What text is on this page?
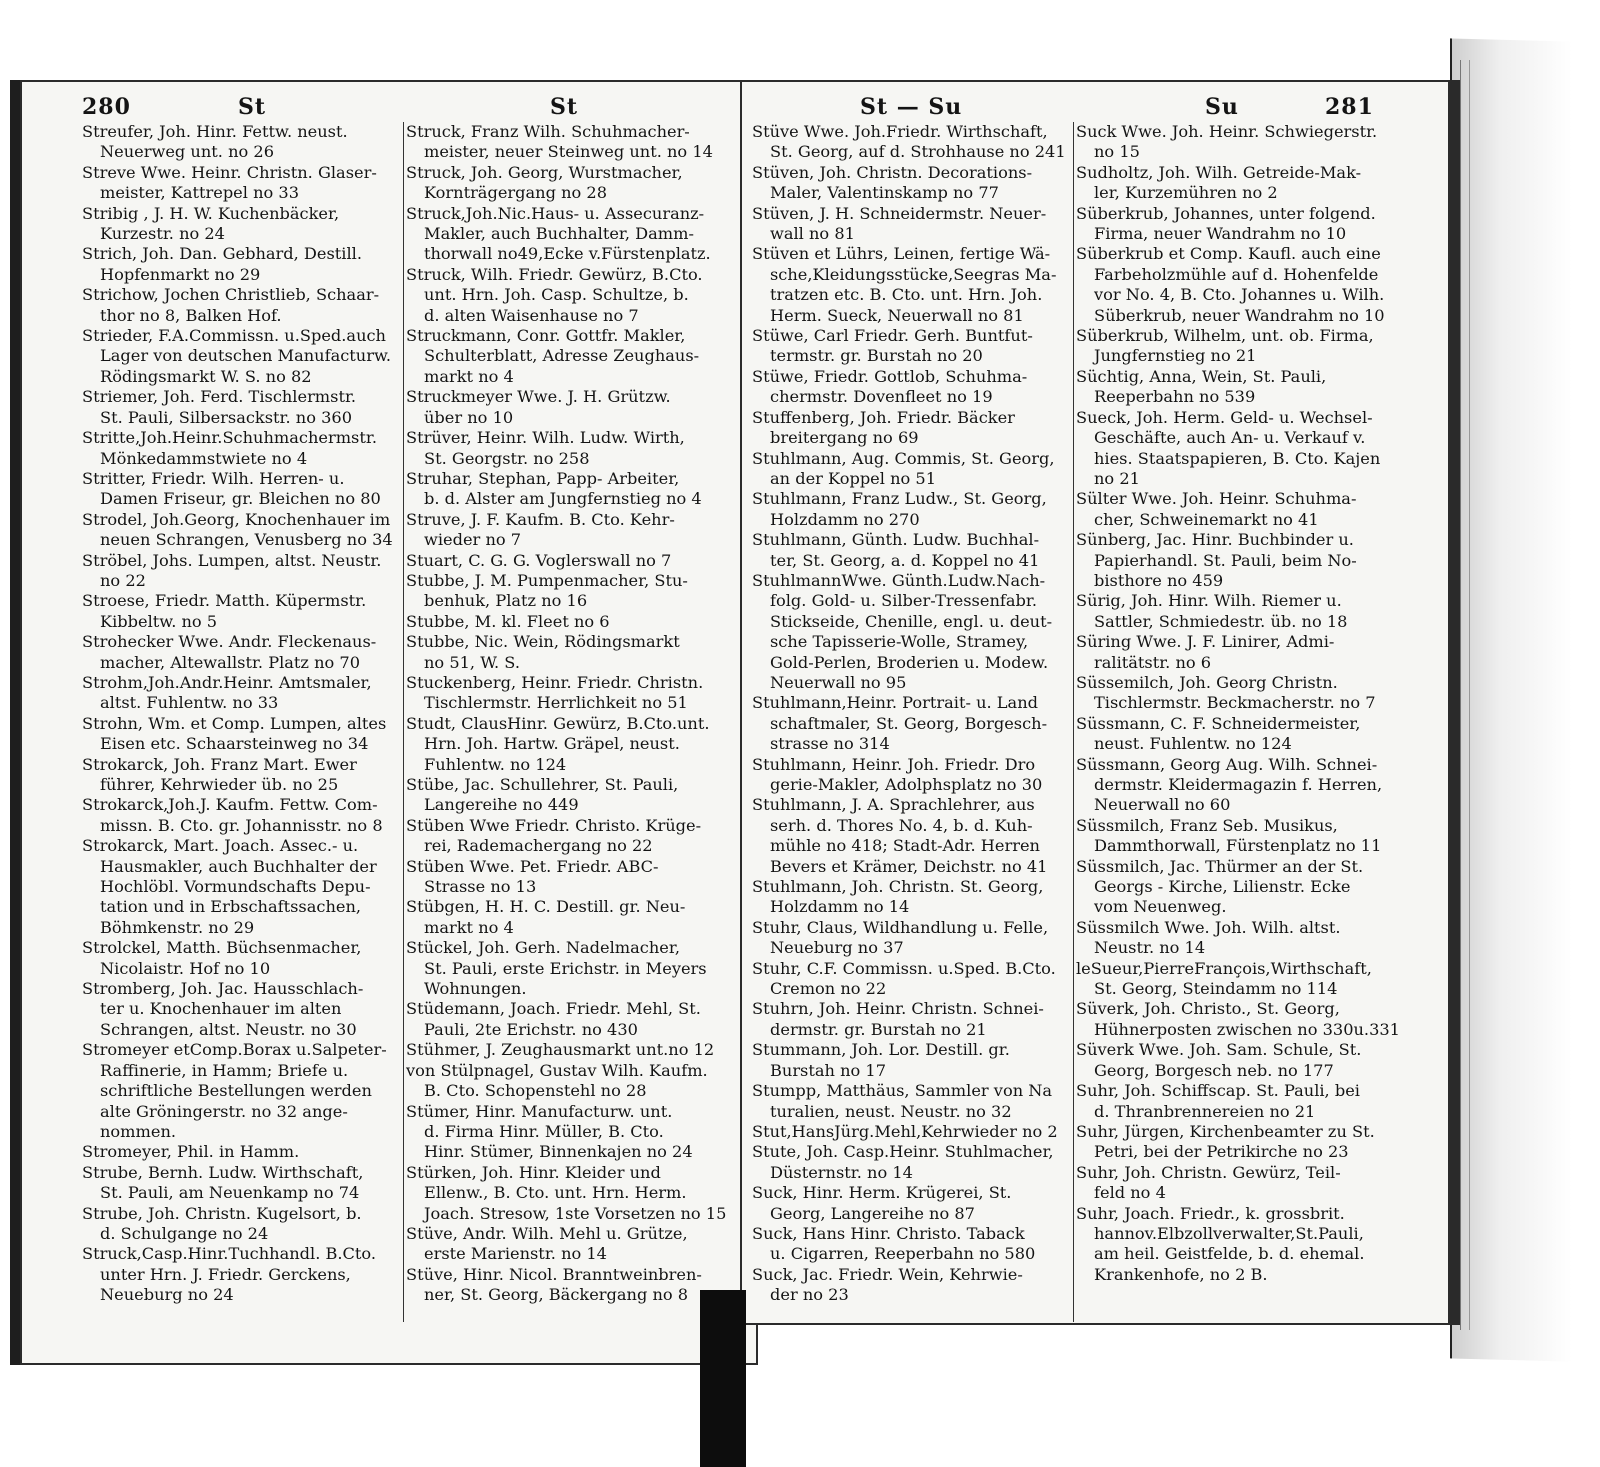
280	St	St
Streufer, Joh. Hinr. Fettw. neust.
Neuerweg unt. no 26
Streve Wwe. Heinr. Christn. Glaser-
meister, Kattrepel no 33
Stribig , J. H. W. Kuchenbäcker,
Kurzestr. no 24
Strich, Joh. Dan. Gebhard, Destill.
Hopfenmarkt no 29
Strichow, Jochen Christlieb, Schaar-
thor no 8, Balken Hof.
Strieder, F.A.Commissn. u.Sped.auch
Lager von deutschen Manufacturw.
Rödingsmarkt W. S. no 82
Striemer, Joh. Ferd. Tischlermstr.
St. Pauli, Silbersackstr. no 360
Stritte,Joh.Heinr.Schuhmachermstr.
Mönkedammstwiete no 4
Stritter, Friedr. Wilh. Herren- u.
Damen Friseur, gr. Bleichen no 80
Strodel, Joh.Georg, Knochenhauer im
neuen Schrangen, Venusberg no 34
Ströbel, Johs. Lumpen, altst. Neustr.
no 22
Stroese, Friedr. Matth. Küpermstr.
Kibbeltw. no 5
Strohecker Wwe. Andr. Fleckenaus-
macher, Altewallstr. Platz no 70
Strohm,Joh.Andr.Heinr. Amtsmaler,
altst. Fuhlentw. no 33
Strohn, Wm. et Comp. Lumpen, altes
Eisen etc. Schaarsteinweg no 34
Strokarck, Joh. Franz Mart. Ewer
führer, Kehrwieder üb. no 25
Strokarck,Joh.J. Kaufm. Fettw. Com-
missn. B. Cto. gr. Johannisstr. no 8
Strokarck, Mart. Joach. Assec.- u.
Hausmakler, auch Buchhalter der
Hochlöbl. Vormundschafts Depu-
tation und in Erbschaftssachen,
Böhmkenstr. no 29
Strolckel, Matth. Büchsenmacher,
Nicolaistr. Hof no 10
Stromberg, Joh. Jac. Hausschlach-
ter u. Knochenhauer im alten
Schrangen, altst. Neustr. no 30
Stromeyer etComp.Borax u.Salpeter-
Raffinerie, in Hamm; Briefe u.
schriftliche Bestellungen werden
alte Gröningerstr. no 32 ange-
nommen.
Stromeyer, Phil. in Hamm.
Strube, Bernh. Ludw. Wirthschaft,
St. Pauli, am Neuenkamp no 74
Strube, Joh. Christn. Kugelsort, b.
d. Schulgange no 24
Struck,Casp.Hinr.Tuchhandl. B.Cto.
unter Hrn. J. Friedr. Gerckens,
Neueburg no 24
Struck, Franz Wilh. Schuhmacher-
meister, neuer Steinweg unt. no 14
Struck, Joh. Georg, Wurstmacher,
Kornträgergang no 28
Struck,Joh.Nic.Haus- u. Assecuranz-
Makler, auch Buchhalter, Damm-
thorwall no49,Ecke v.Fürstenplatz.
Struck, Wilh. Friedr. Gewürz, B.Cto.
unt. Hrn. Joh. Casp. Schultze, b.
d. alten Waisenhause no 7
Struckmann, Conr. Gottfr. Makler,
Schulterblatt, Adresse Zeughaus-
markt no 4
Struckmeyer Wwe. J. H. Grützw.
über no 10
Strüver, Heinr. Wilh. Ludw. Wirth,
St. Georgstr. no 258
Struhar, Stephan, Papp- Arbeiter,
b. d. Alster am Jungfernstieg no 4
Struve, J. F. Kaufm. B. Cto. Kehr-
wieder no 7
Stuart, C. G. G. Voglerswall no 7
Stubbe, J. M. Pumpenmacher, Stu-
benhuk, Platz no 16
Stubbe, M. kl. Fleet no 6
Stubbe, Nic. Wein, Rödingsmarkt
no 51, W. S.
Stuckenberg, Heinr. Friedr. Christn.
Tischlermstr. Herrlichkeit no 51
Studt, ClausHinr. Gewürz, B.Cto.unt.
Hrn. Joh. Hartw. Gräpel, neust.
Fuhlentw. no 124
Stübe, Jac. Schullehrer, St. Pauli,
Langereihe no 449
Stüben Wwe Friedr. Christo. Krüge-
rei, Rademachergang no 22
Stüben Wwe. Pet. Friedr. ABC-
Strasse no 13
Stübgen, H. H. C. Destill. gr. Neu-
markt no 4
Stückel, Joh. Gerh. Nadelmacher,
St. Pauli, erste Erichstr. in Meyers
Wohnungen.
Stüdemann, Joach. Friedr. Mehl, St.
Pauli, 2te Erichstr. no 430
Stühmer, J. Zeughausmarkt unt.no 12
von Stülpnagel, Gustav Wilh. Kaufm.
B. Cto. Schopenstehl no 28
Stümer, Hinr. Manufacturw. unt.
d. Firma Hinr. Müller, B. Cto.
Hinr. Stümer, Binnenkajen no 24
Stürken, Joh. Hinr. Kleider und
Ellenw., B. Cto. unt. Hrn. Herm.
Joach. Stresow, 1ste Vorsetzen no 15
Stüve, Andr. Wilh. Mehl u. Grütze,
erste Marienstr. no 14
Stüve, Hinr. Nicol. Branntweinbren-
ner, St. Georg, Bäckergang no 8
St — Su	Su	281
Stüve Wwe. Joh.Friedr. Wirthschaft,
St. Georg, auf d. Strohhause no 241
Stüven, Joh. Christn. Decorations-
Maler, Valentinskamp no 77
Stüven, J. H. Schneidermstr. Neuer-
wall no 81
Stüven et Lührs, Leinen, fertige Wä-
sche,Kleidungsstücke,Seegras Ma-
tratzen etc. B. Cto. unt. Hrn. Joh.
Herm. Sueck, Neuerwall no 81
Stüwe, Carl Friedr. Gerh. Buntfut-
termstr. gr. Burstah no 20
Stüwe, Friedr. Gottlob, Schuhma-
chermstr. Dovenfleet no 19
Stuffenberg, Joh. Friedr. Bäcker
breitergang no 69
Stuhlmann, Aug. Commis, St. Georg,
an der Koppel no 51
Stuhlmann, Franz Ludw., St. Georg,
Holzdamm no 270
Stuhlmann, Günth. Ludw. Buchhal-
ter, St. Georg, a. d. Koppel no 41
StuhlmannWwe. Günth.Ludw.Nach-
folg. Gold- u. Silber-Tressenfabr.
Stickseide, Chenille, engl. u. deut-
sche Tapisserie-Wolle, Stramey,
Gold-Perlen, Broderien u. Modew.
Neuerwall no 95
Stuhlmann,Heinr. Portrait- u. Land
schaftmaler, St. Georg, Borgesch-
strasse no 314
Stuhlmann, Heinr. Joh. Friedr. Dro
gerie-Makler, Adolphsplatz no 30
Stuhlmann, J. A. Sprachlehrer, aus
serh. d. Thores No. 4, b. d. Kuh-
mühle no 418; Stadt-Adr. Herren
Bevers et Krämer, Deichstr. no 41
Stuhlmann, Joh. Christn. St. Georg,
Holzdamm no 14
Stuhr, Claus, Wildhandlung u. Felle,
Neueburg no 37
Stuhr, C.F. Commissn. u.Sped. B.Cto.
Cremon no 22
Stuhrn, Joh. Heinr. Christn. Schnei-
dermstr. gr. Burstah no 21
Stummann, Joh. Lor. Destill. gr.
Burstah no 17
Stumpp, Matthäus, Sammler von Na
turalien, neust. Neustr. no 32
Stut,HansJürg.Mehl,Kehrwieder no 2
Stute, Joh. Casp.Heinr. Stuhlmacher,
Düsternstr. no 14
Suck, Hinr. Herm. Krügerei, St.
Georg, Langereihe no 87
Suck, Hans Hinr. Christo. Taback
u. Cigarren, Reeperbahn no 580
Suck, Jac. Friedr. Wein, Kehrwie-
der no 23
Suck Wwe. Joh. Heinr. Schwiegerstr.
no 15
Sudholtz, Joh. Wilh. Getreide-Mak-
ler, Kurzemühren no 2
Süberkrub, Johannes, unter folgend.
Firma, neuer Wandrahm no 10
Süberkrub et Comp. Kaufl. auch eine
Farbeholzmühle auf d. Hohenfelde
vor No. 4, B. Cto. Johannes u. Wilh.
Süberkrub, neuer Wandrahm no 10
Süberkrub, Wilhelm, unt. ob. Firma,
Jungfernstieg no 21
Süchtig, Anna, Wein, St. Pauli,
Reeperbahn no 539
Sueck, Joh. Herm. Geld- u. Wechsel-
Geschäfte, auch An- u. Verkauf v.
hies. Staatspapieren, B. Cto. Kajen
no 21
Sülter Wwe. Joh. Heinr. Schuhma-
cher, Schweinemarkt no 41
Sünberg, Jac. Hinr. Buchbinder u.
Papierhandl. St. Pauli, beim No-
bisthore no 459
Sürig, Joh. Hinr. Wilh. Riemer u.
Sattler, Schmiedestr. üb. no 18
Süring Wwe. J. F. Linirer, Admi-
ralitätstr. no 6
Süssemilch, Joh. Georg Christn.
Tischlermstr. Beckmacherstr. no 7
Süssmann, C. F. Schneidermeister,
neust. Fuhlentw. no 124
Süssmann, Georg Aug. Wilh. Schnei-
dermstr. Kleidermagazin f. Herren,
Neuerwall no 60
Süssmilch, Franz Seb. Musikus,
Dammthorwall, Fürstenplatz no 11
Süssmilch, Jac. Thürmer an der St.
Georgs - Kirche, Lilienstr. Ecke
vom Neuenweg.
Süssmilch Wwe. Joh. Wilh. altst.
Neustr. no 14
leSueur,PierreFrançois,Wirthschaft,
St. Georg, Steindamm no 114
Süverk, Joh. Christo., St. Georg,
Hühnerposten zwischen no 330u.331
Süverk Wwe. Joh. Sam. Schule, St.
Georg, Borgesch neb. no 177
Suhr, Joh. Schiffscap. St. Pauli, bei
d. Thranbrennereien no 21
Suhr, Jürgen, Kirchenbeamter zu St.
Petri, bei der Petrikirche no 23
Suhr, Joh. Christn. Gewürz, Teil-
feld no 4
Suhr, Joach. Friedr., k. grossbrit.
hannov.Elbzollverwalter,St.Pauli,
am heil. Geistfelde, b. d. ehemal.
Krankenhofe, no 2 B.
